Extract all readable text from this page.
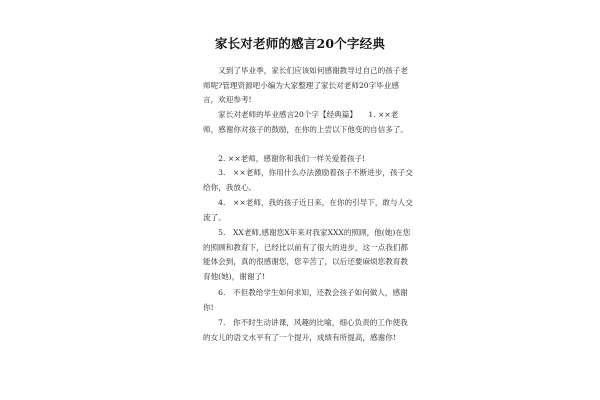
家长对老师的感言20个字经典

　　又到了毕业季，家长们应该如何感谢教导过自己的孩子老师呢?管理资源吧小编为大家整理了家长对老师20字毕业感言，欢迎参考!

　　家长对老师的毕业感言20个字【经典篇】　　1. ××老师，感谢你对孩子的鼓励，在你的上尝以下他变的自信多了。

　　2. ××老师，感谢你和我们一样关爱着孩子!

　　3.　××老师，你用什么办法激励着孩子不断进步，孩子交给你，我放心。

　　4.　××老师，我的孩子近日来，在你的引导下，敢与人交流了。

　　5.　XX老师,感谢您X年来对我家XXX的照顾，他(她)在您的照顾和教育下，已经比以前有了很大的进步，这一点我们都能体会到，真的很感谢您，您辛苦了，以后还要麻烦您教育教育他(她)，谢谢了!

　　6.　不但教给学生如何求知，还教会孩子如何做人，感谢你!

　　7.　你不时生动讲课，风趣的比喻，细心负责的工作使我的女儿的语文水平有了一个提升，成绩有所提高，感谢你!
